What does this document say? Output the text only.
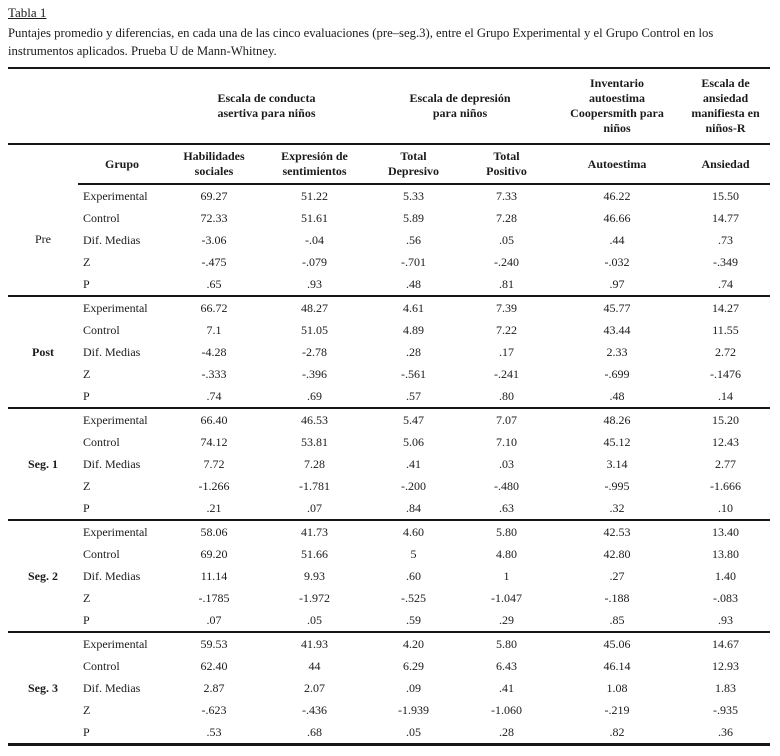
Tabla 1
Puntajes promedio y diferencias, en cada una de las cinco evaluaciones (pre–seg.3), entre el Grupo Experimental y el Grupo Control en los instrumentos aplicados. Prueba U de Mann-Whitney.
		Escala de conducta asertiva para niños		Escala de depresión para niños		Inventario autoestima Coopersmith para niños	Escala de ansiedad manifiesta en niños-R
	Grupo	Habilidades sociales	Expresión de sentimientos	Total Depresivo	Total Positivo	Autoestima	Ansiedad
Pre	Experimental	69.27	51.22	5.33	7.33	46.22	15.50
	Control	72.33	51.61	5.89	7.28	46.66	14.77
	Dif. Medias	-3.06	-.04	.56	.05	.44	.73
	Z	-.475	-.079	-.701	-.240	-.032	-.349
	P	.65	.93	.48	.81	.97	.74
Post	Experimental	66.72	48.27	4.61	7.39	45.77	14.27
	Control	7.1	51.05	4.89	7.22	43.44	11.55
	Dif. Medias	-4.28	-2.78	.28	.17	2.33	2.72
	Z	-.333	-.396	-.561	-.241	-.699	-.1476
	P	.74	.69	.57	.80	.48	.14
Seg. 1	Experimental	66.40	46.53	5.47	7.07	48.26	15.20
	Control	74.12	53.81	5.06	7.10	45.12	12.43
	Dif. Medias	7.72	7.28	.41	.03	3.14	2.77
	Z	-1.266	-1.781	-.200	-.480	-.995	-1.666
	P	.21	.07	.84	.63	.32	.10
Seg. 2	Experimental	58.06	41.73	4.60	5.80	42.53	13.40
	Control	69.20	51.66	5	4.80	42.80	13.80
	Dif. Medias	11.14	9.93	.60	1	.27	1.40
	Z	-.1785	-1.972	-.525	-1.047	-.188	-.083
	P	.07	.05	.59	.29	.85	.93
Seg. 3	Experimental	59.53	41.93	4.20	5.80	45.06	14.67
	Control	62.40	44	6.29	6.43	46.14	12.93
	Dif. Medias	2.87	2.07	.09	.41	1.08	1.83
	Z	-.623	-.436	-1.939	-1.060	-.219	-.935
	P	.53	.68	.05	.28	.82	.36
